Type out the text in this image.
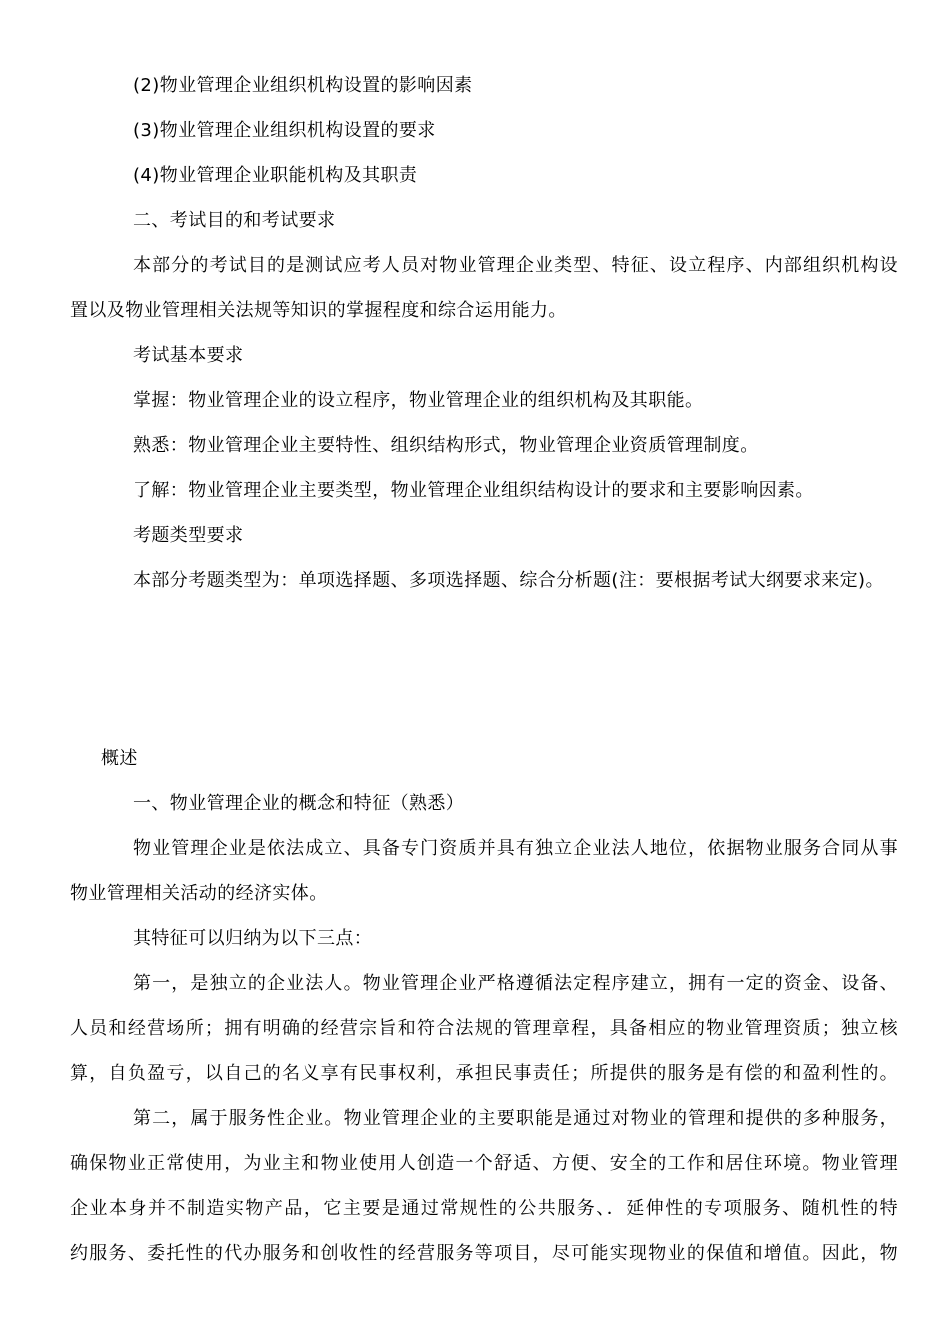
(2)物业管理企业组织机构设置的影响因素
(3)物业管理企业组织机构设置的要求
(4)物业管理企业职能机构及其职责
二、考试目的和考试要求
本部分的考试目的是测试应考人员对物业管理企业类型、特征、设立程序、内部组织机构设
置以及物业管理相关法规等知识的掌握程度和综合运用能力。
考试基本要求
掌握：物业管理企业的设立程序，物业管理企业的组织机构及其职能。
熟悉：物业管理企业主要特性、组织结构形式，物业管理企业资质管理制度。
了解：物业管理企业主要类型，物业管理企业组织结构设计的要求和主要影响因素。
考题类型要求
本部分考题类型为：单项选择题、多项选择题、综合分析题(注：要根据考试大纲要求来定)。
概述
一、物业管理企业的概念和特征（熟悉）
物业管理企业是依法成立、具备专门资质并具有独立企业法人地位，依据物业服务合同从事
物业管理相关活动的经济实体。
其特征可以归纳为以下三点：
第一，是独立的企业法人。物业管理企业严格遵循法定程序建立，拥有一定的资金、设备、
人员和经营场所；拥有明确的经营宗旨和符合法规的管理章程，具备相应的物业管理资质；独立核
算，自负盈亏，以自己的名义享有民事权利，承担民事责任；所提供的服务是有偿的和盈利性的。
第二，属于服务性企业。物业管理企业的主要职能是通过对物业的管理和提供的多种服务，
确保物业正常使用，为业主和物业使用人创造一个舒适、方便、安全的工作和居住环境。物业管理
企业本身并不制造实物产品，它主要是通过常规性的公共服务、．延伸性的专项服务、随机性的特
约服务、委托性的代办服务和创收性的经营服务等项目，尽可能实现物业的保值和增值。因此，物
